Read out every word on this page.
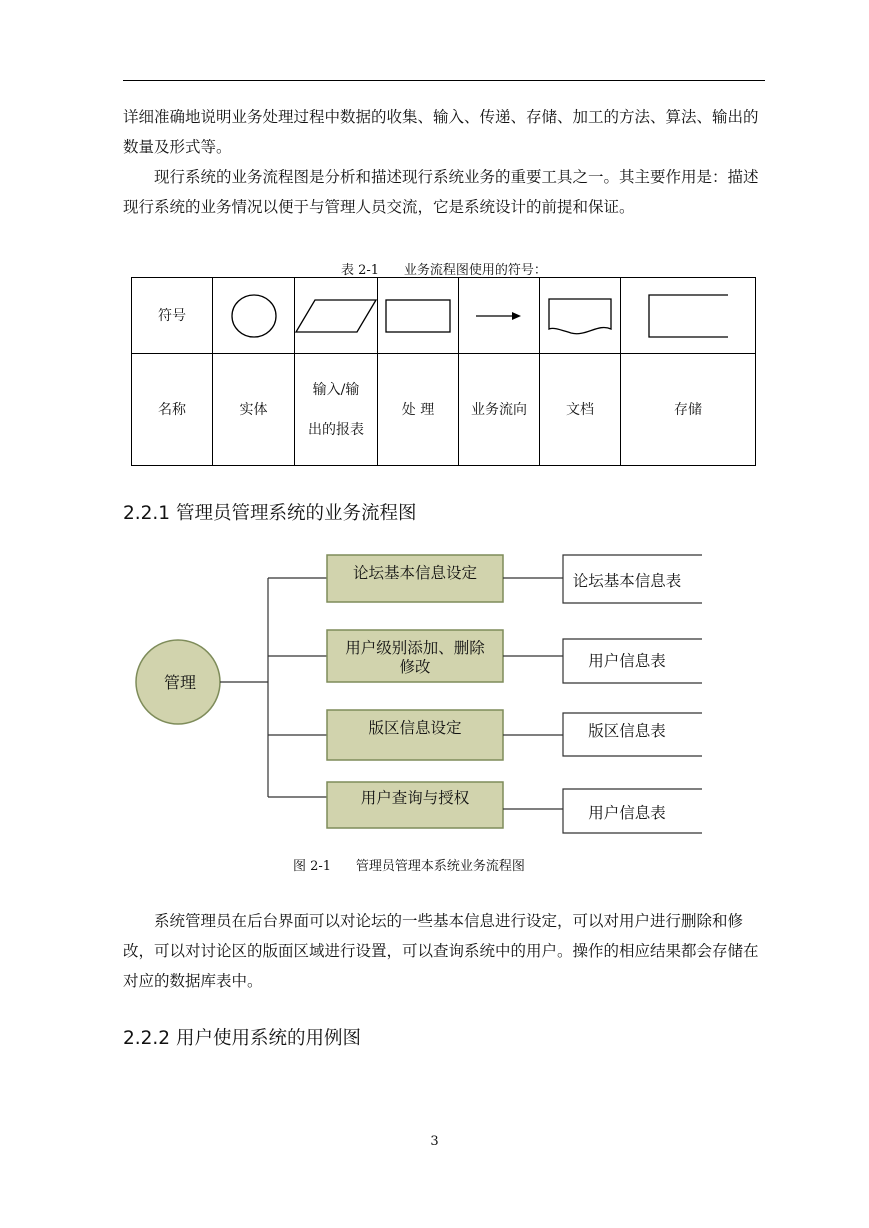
详细准确地说明业务处理过程中数据的收集、输入、传递、存储、加工的方法、算法、输出的数量及形式等。

现行系统的业务流程图是分析和描述现行系统业务的重要工具之一。其主要作用是：描述现行系统的业务情况以便于与管理人员交流，它是系统设计的前提和保证。

表 2-1      业务流程图使用的符号：
符号	

名称	实体	输入/输
出的报表	处 理	业务流向	文档	存储
2.2.1 管理员管理系统的业务流程图
管理
论坛基本信息设定
用户级别添加、删除
修改
版区信息设定
用户查询与授权
论坛基本信息表
用户信息表
版区信息表
用户信息表
图 2-1      管理员管理本系统业务流程图

系统管理员在后台界面可以对论坛的一些基本信息进行设定，可以对用户进行删除和修改，可以对讨论区的版面区域进行设置，可以查询系统中的用户。操作的相应结果都会存储在对应的数据库表中。

2.2.2 用户使用系统的用例图
3
